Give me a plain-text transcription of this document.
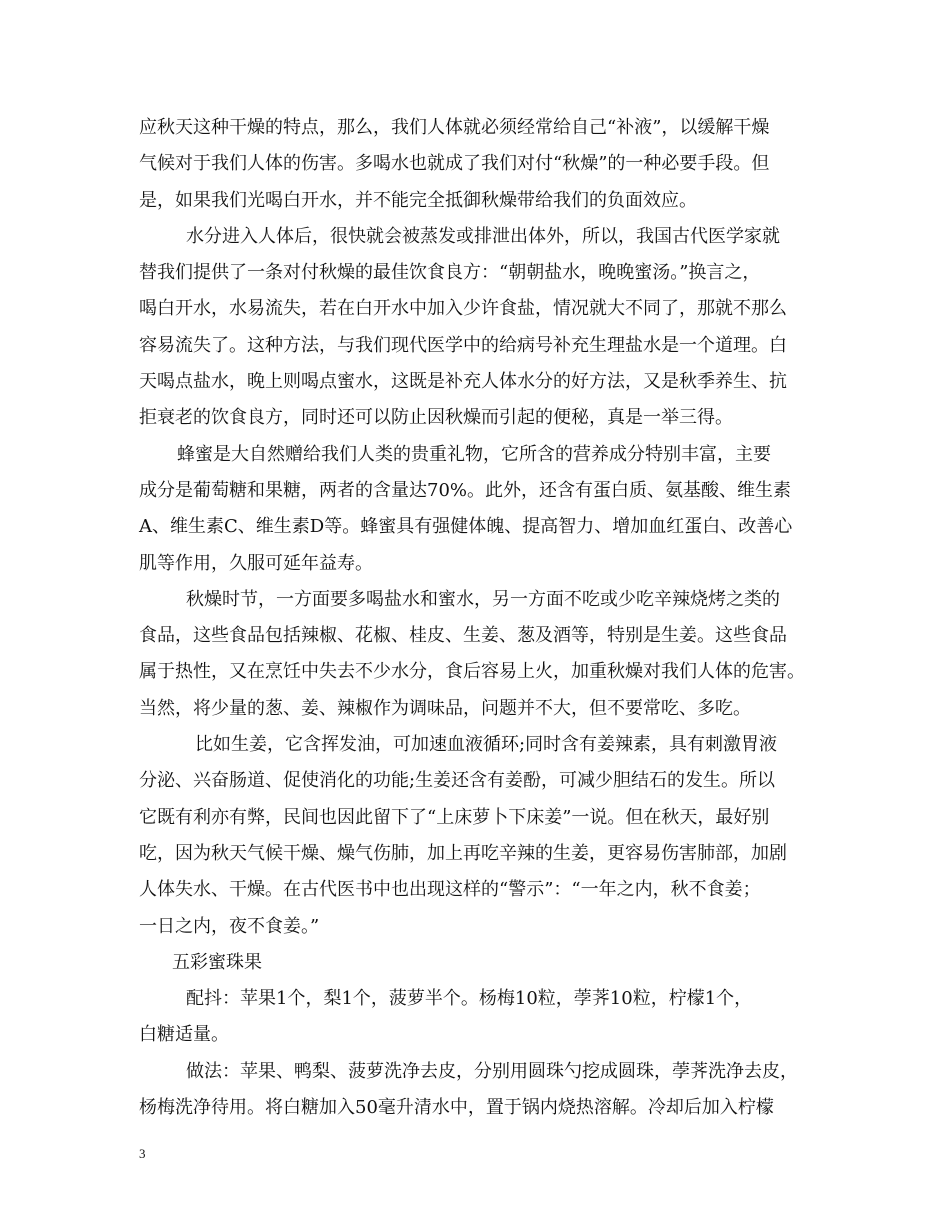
应秋天这种干燥的特点，那么，我们人体就必须经常给自己“补液”，以缓解干燥
气候对于我们人体的伤害。多喝水也就成了我们对付“秋燥”的一种必要手段。但
是，如果我们光喝白开水，并不能完全抵御秋燥带给我们的负面效应。
水分进入人体后，很快就会被蒸发或排泄出体外，所以，我国古代医学家就
替我们提供了一条对付秋燥的最佳饮食良方：“朝朝盐水，晚晚蜜汤。”换言之，
喝白开水，水易流失，若在白开水中加入少许食盐，情况就大不同了，那就不那么
容易流失了。这种方法，与我们现代医学中的给病号补充生理盐水是一个道理。白
天喝点盐水，晚上则喝点蜜水，这既是补充人体水分的好方法，又是秋季养生、抗
拒衰老的饮食良方，同时还可以防止因秋燥而引起的便秘，真是一举三得。
蜂蜜是大自然赠给我们人类的贵重礼物，它所含的营养成分特别丰富，主要
成分是葡萄糖和果糖，两者的含量达70%。此外，还含有蛋白质、氨基酸、维生素
A、维生素C、维生素D等。蜂蜜具有强健体魄、提高智力、增加血红蛋白、改善心
肌等作用，久服可延年益寿。
秋燥时节，一方面要多喝盐水和蜜水，另一方面不吃或少吃辛辣烧烤之类的
食品，这些食品包括辣椒、花椒、桂皮、生姜、葱及酒等，特别是生姜。这些食品
属于热性，又在烹饪中失去不少水分，食后容易上火，加重秋燥对我们人体的危害。
当然，将少量的葱、姜、辣椒作为调味品，问题并不大，但不要常吃、多吃。
比如生姜，它含挥发油，可加速血液循环;同时含有姜辣素，具有刺激胃液
分泌、兴奋肠道、促使消化的功能;生姜还含有姜酚，可减少胆结石的发生。所以
它既有利亦有弊，民间也因此留下了“上床萝卜下床姜”一说。但在秋天，最好别
吃，因为秋天气候干燥、燥气伤肺，加上再吃辛辣的生姜，更容易伤害肺部，加剧
人体失水、干燥。在古代医书中也出现这样的“警示”：“一年之内，秋不食姜；
一日之内，夜不食姜。”
五彩蜜珠果
配抖：苹果1个，梨1个，菠萝半个。杨梅10粒，荸荠10粒，柠檬1个，
白糖适量。
做法：苹果、鸭梨、菠萝洗净去皮，分别用圆珠勺挖成圆珠，荸荠洗净去皮，
杨梅洗净待用。将白糖加入50毫升清水中，置于锅内烧热溶解。冷却后加入柠檬
3
